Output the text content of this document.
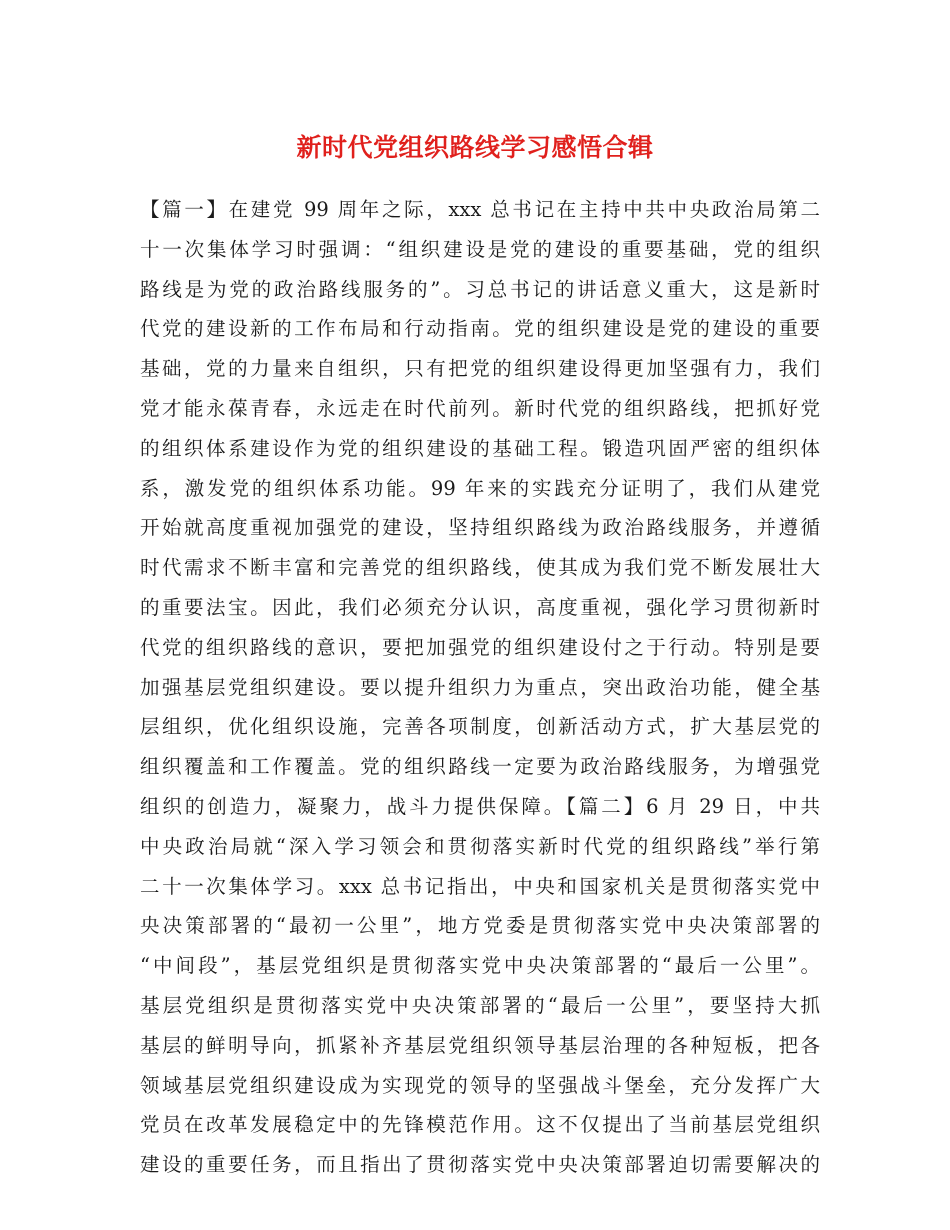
新时代党组织路线学习感悟合辑
【篇一】在建党 99 周年之际，xxx 总书记在主持中共中央政治局第二
十一次集体学习时强调：“组织建设是党的建设的重要基础，党的组织
路线是为党的政治路线服务的”。习总书记的讲话意义重大，这是新时
代党的建设新的工作布局和行动指南。党的组织建设是党的建设的重要
基础，党的力量来自组织，只有把党的组织建设得更加坚强有力，我们
党才能永葆青春，永远走在时代前列。新时代党的组织路线，把抓好党
的组织体系建设作为党的组织建设的基础工程。锻造巩固严密的组织体
系，激发党的组织体系功能。99 年来的实践充分证明了，我们从建党
开始就高度重视加强党的建设，坚持组织路线为政治路线服务，并遵循
时代需求不断丰富和完善党的组织路线，使其成为我们党不断发展壮大
的重要法宝。因此，我们必须充分认识，高度重视，强化学习贯彻新时
代党的组织路线的意识，要把加强党的组织建设付之于行动。特别是要
加强基层党组织建设。要以提升组织力为重点，突出政治功能，健全基
层组织，优化组织设施，完善各项制度，创新活动方式，扩大基层党的
组织覆盖和工作覆盖。党的组织路线一定要为政治路线服务，为增强党
组织的创造力，凝聚力，战斗力提供保障。【篇二】6 月 29 日，中共
中央政治局就“深入学习领会和贯彻落实新时代党的组织路线”举行第
二十一次集体学习。xxx 总书记指出，中央和国家机关是贯彻落实党中
央决策部署的“最初一公里”，地方党委是贯彻落实党中央决策部署的
“中间段”，基层党组织是贯彻落实党中央决策部署的“最后一公里”。
基层党组织是贯彻落实党中央决策部署的“最后一公里”，要坚持大抓
基层的鲜明导向，抓紧补齐基层党组织领导基层治理的各种短板，把各
领域基层党组织建设成为实现党的领导的坚强战斗堡垒，充分发挥广大
党员在改革发展稳定中的先锋模范作用。这不仅提出了当前基层党组织
建设的重要任务，而且指出了贯彻落实党中央决策部署迫切需要解决的
